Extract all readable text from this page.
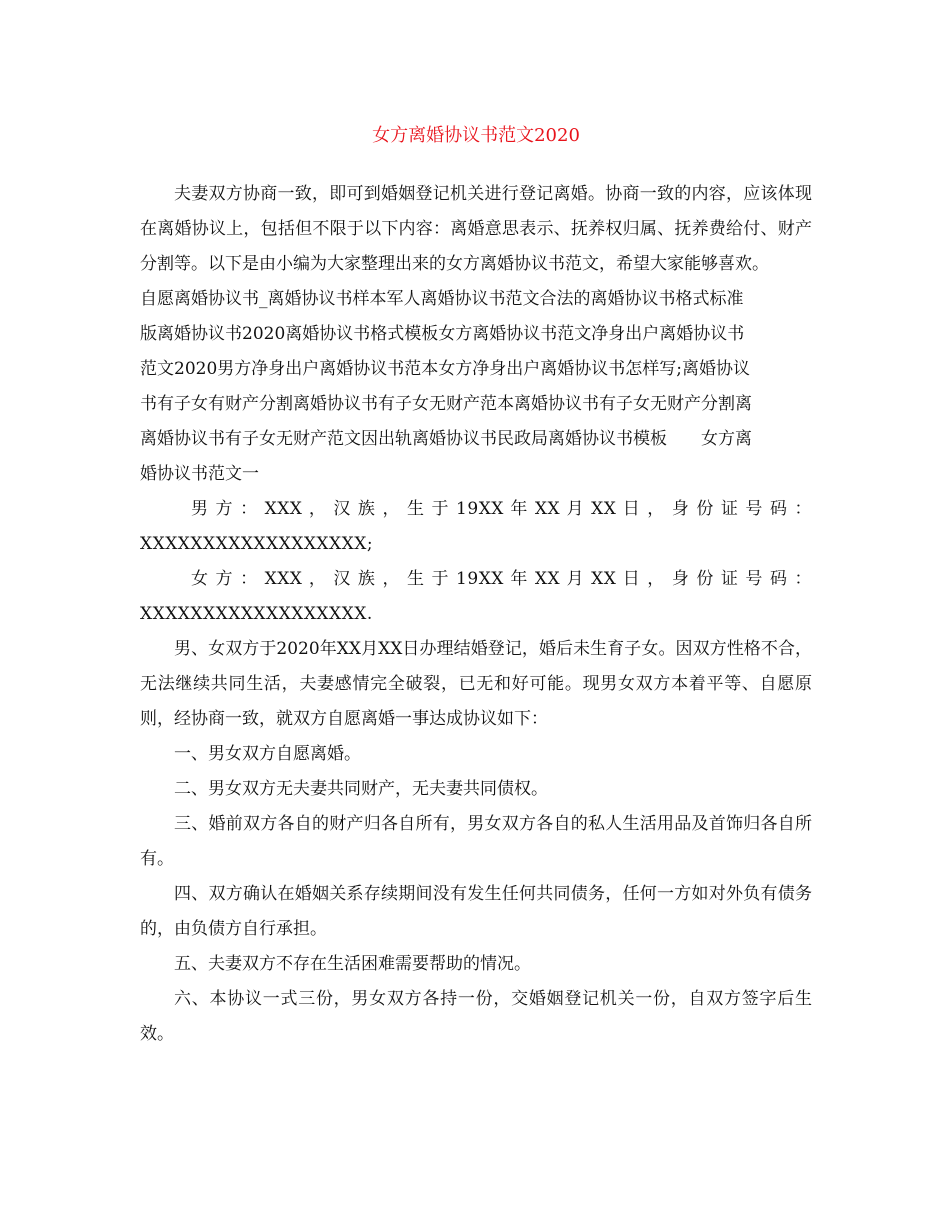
女方离婚协议书范文2020

夫妻双方协商一致，即可到婚姻登记机关进行登记离婚。协商一致的内容，应该体现在离婚协议上，包括但不限于以下内容：离婚意思表示、抚养权归属、抚养费给付、财产分割等。以下是由小编为大家整理出来的女方离婚协议书范文，希望大家能够喜欢。

自愿离婚协议书_离婚协议书样本军人离婚协议书范文合法的离婚协议书格式标准

版离婚协议书2020离婚协议书格式模板女方离婚协议书范文净身出户离婚协议书

范文2020男方净身出户离婚协议书范本女方净身出户离婚协议书怎样写;离婚协议

书有子女有财产分割离婚协议书有子女无财产范本离婚协议书有子女无财产分割离

离婚协议书有子女无财产范文因出轨离婚协议书民政局离婚协议书模板 女方离

婚协议书范文一

男 方 ： XXX ， 汉 族 ， 生 于 19XX 年 XX 月 XX 日 ， 身 份 证 号 码 ：

XXXXXXXXXXXXXXXXXX;

女 方 ： XXX ， 汉 族 ， 生 于 19XX 年 XX 月 XX 日 ， 身 份 证 号 码 ：

XXXXXXXXXXXXXXXXXX.

男、女双方于2020年XX月XX日办理结婚登记，婚后未生育子女。因双方性格不合，无法继续共同生活，夫妻感情完全破裂，已无和好可能。现男女双方本着平等、自愿原则，经协商一致，就双方自愿离婚一事达成协议如下：

一、男女双方自愿离婚。

二、男女双方无夫妻共同财产，无夫妻共同债权。

三、婚前双方各自的财产归各自所有，男女双方各自的私人生活用品及首饰归各自所有。

四、双方确认在婚姻关系存续期间没有发生任何共同债务，任何一方如对外负有债务的，由负债方自行承担。

五、夫妻双方不存在生活困难需要帮助的情况。

六、本协议一式三份，男女双方各持一份，交婚姻登记机关一份，自双方签字后生效。
